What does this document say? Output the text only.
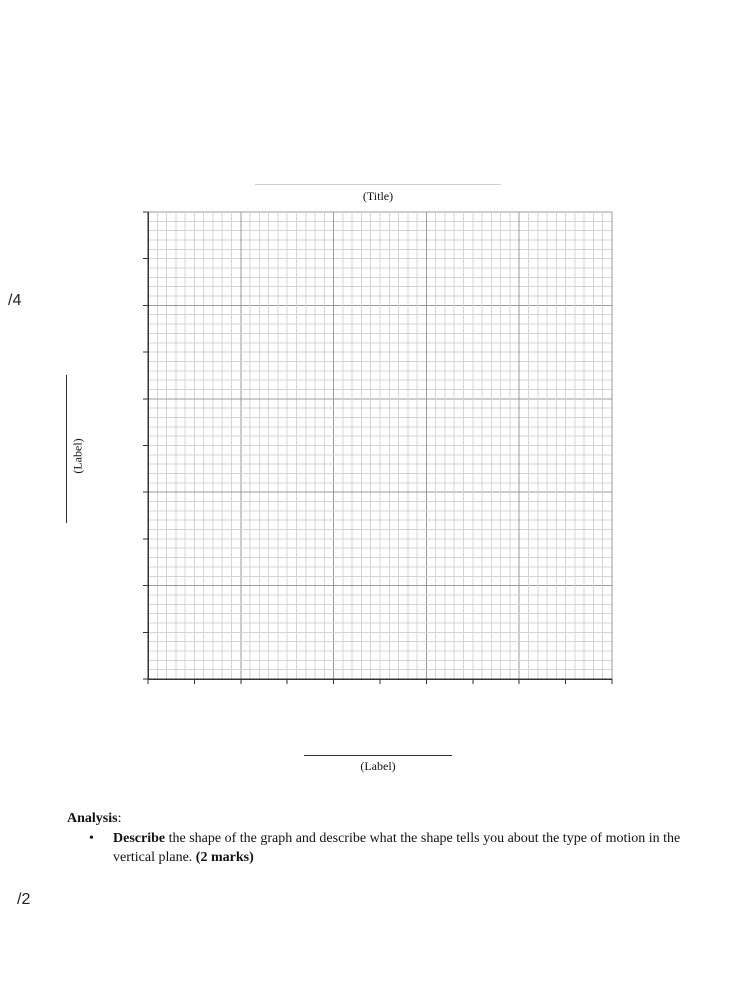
/4
/2
(Title)
(Label)
(Label)
Analysis:
• Describe the shape of the graph and describe what the shape tells you about the type of motion in the vertical plane. (2 marks)
